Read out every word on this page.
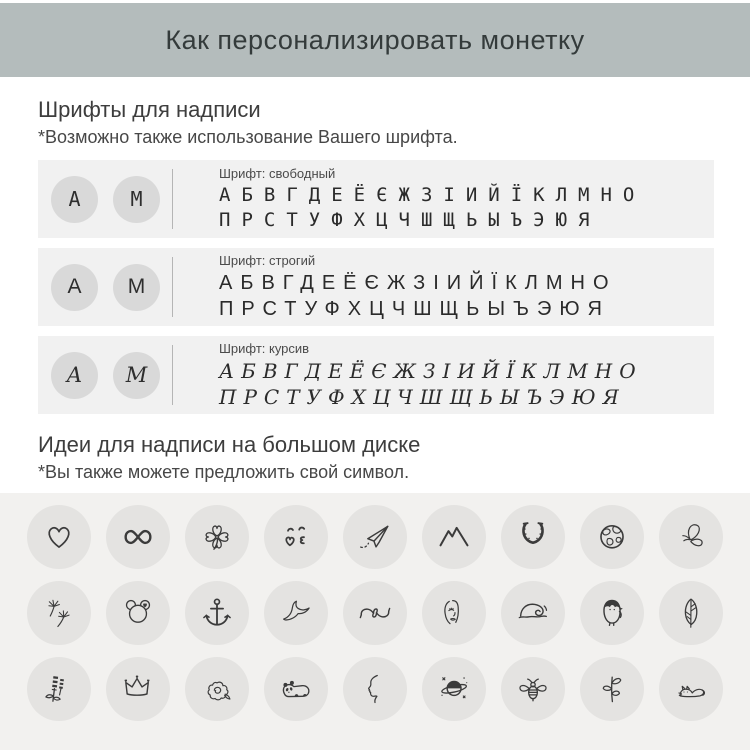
Как персонализировать монетку
Шрифты для надписи

*Возможно также использование Вашего шрифта.

А	М
Шрифт: свободный
АБВГДЕЁЄЖЗІИЙЇКЛМНО
ПРСТУФХЦЧШЩЬЫЪЭЮЯ
А	М
Шрифт: строгий
АБВГДЕЁЄЖЗІИЙЇКЛМНО
ПРСТУФХЦЧШЩЬЫЪЭЮЯ
А	М
Шрифт: курсив
АБВГДЕЁЄЖЗІИЙЇКЛМНО
ПРСТУФХЦЧШЩЬЫЪЭЮЯ
Идеи для надписи на большом диске

*Вы также можете предложить свой символ.
